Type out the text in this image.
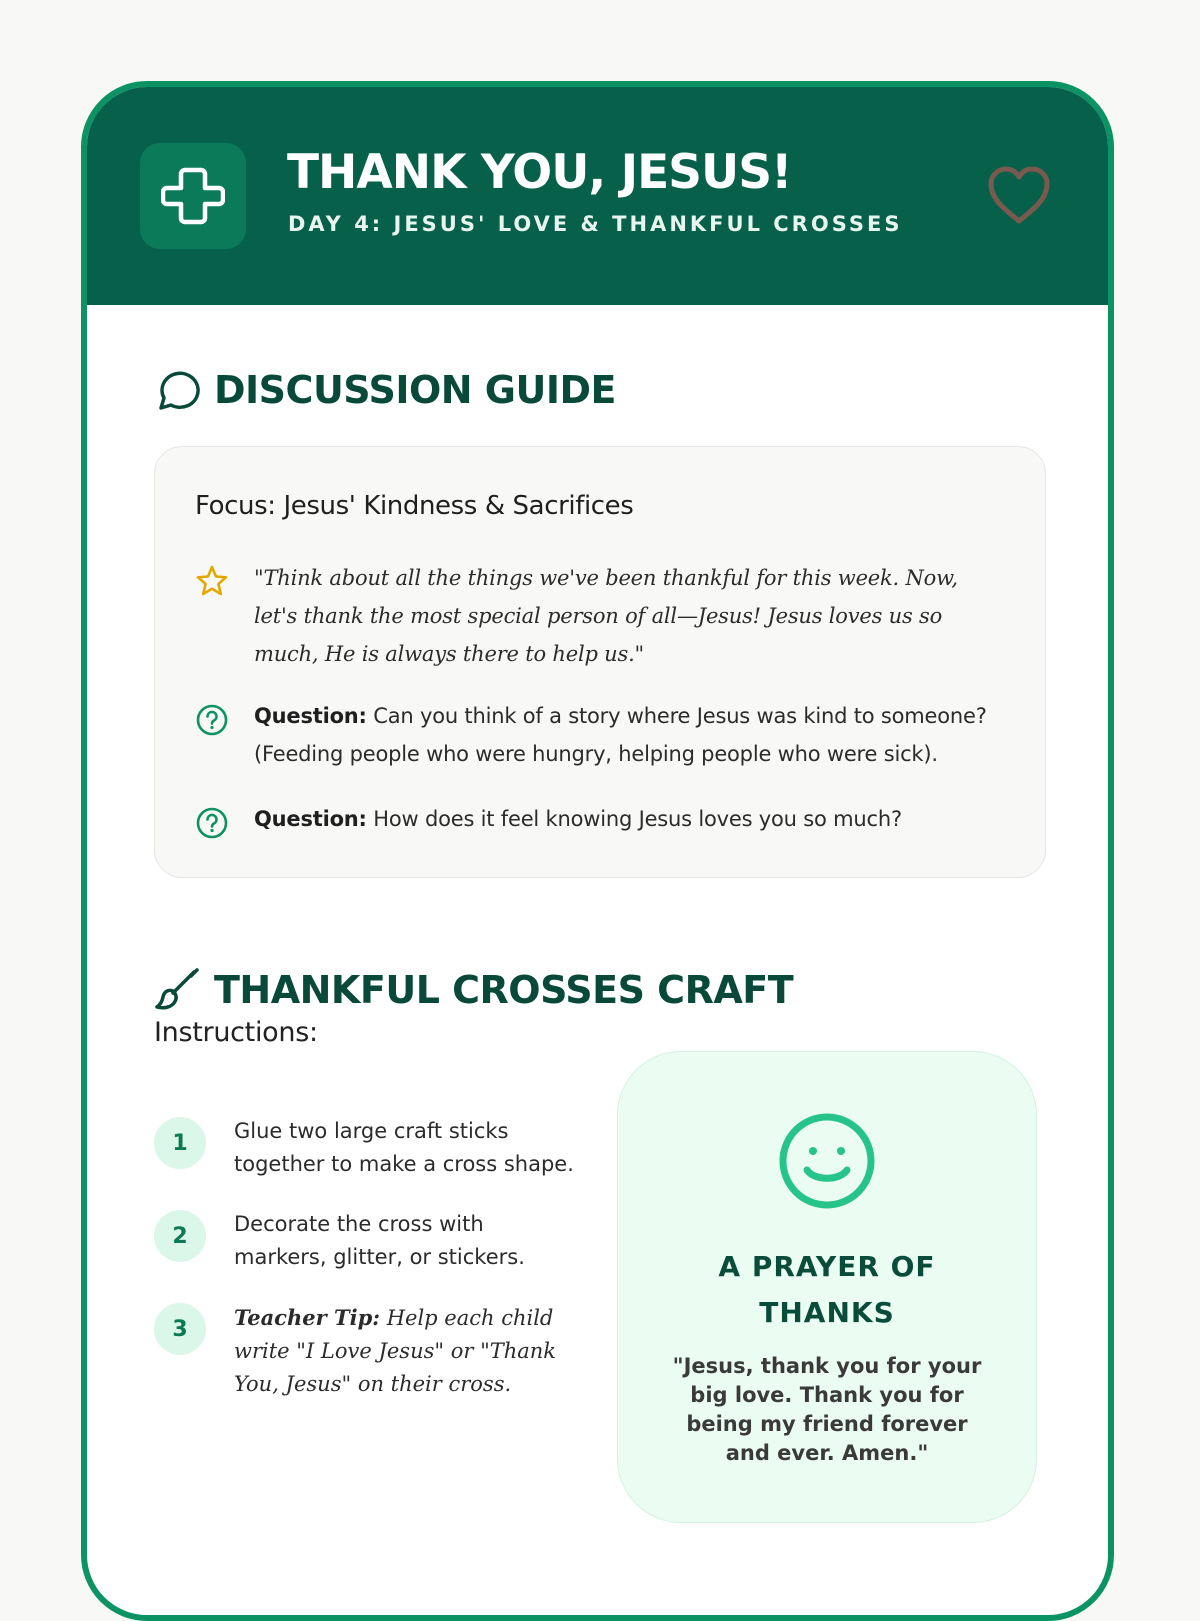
THANK YOU, JESUS!
DAY 4: JESUS' LOVE & THANKFUL CROSSES
DISCUSSION GUIDE
Focus: Jesus' Kindness & Sacrifices
"Think about all the things we've been thankful for this week. Now, let's thank the most special person of all—Jesus! Jesus loves us so much, He is always there to help us."
Question: Can you think of a story where Jesus was kind to someone? (Feeding people who were hungry, helping people who were sick).
Question: How does it feel knowing Jesus loves you so much?
THANKFUL CROSSES CRAFT
Instructions:
1	Glue two large craft sticks together to make a cross shape.
2	Decorate the cross with markers, glitter, or stickers.
3	Teacher Tip: Help each child write "I Love Jesus" or "Thank You, Jesus" on their cross.
A PRAYER OF THANKS
"Jesus, thank you for your big love. Thank you for being my friend forever and ever. Amen."
